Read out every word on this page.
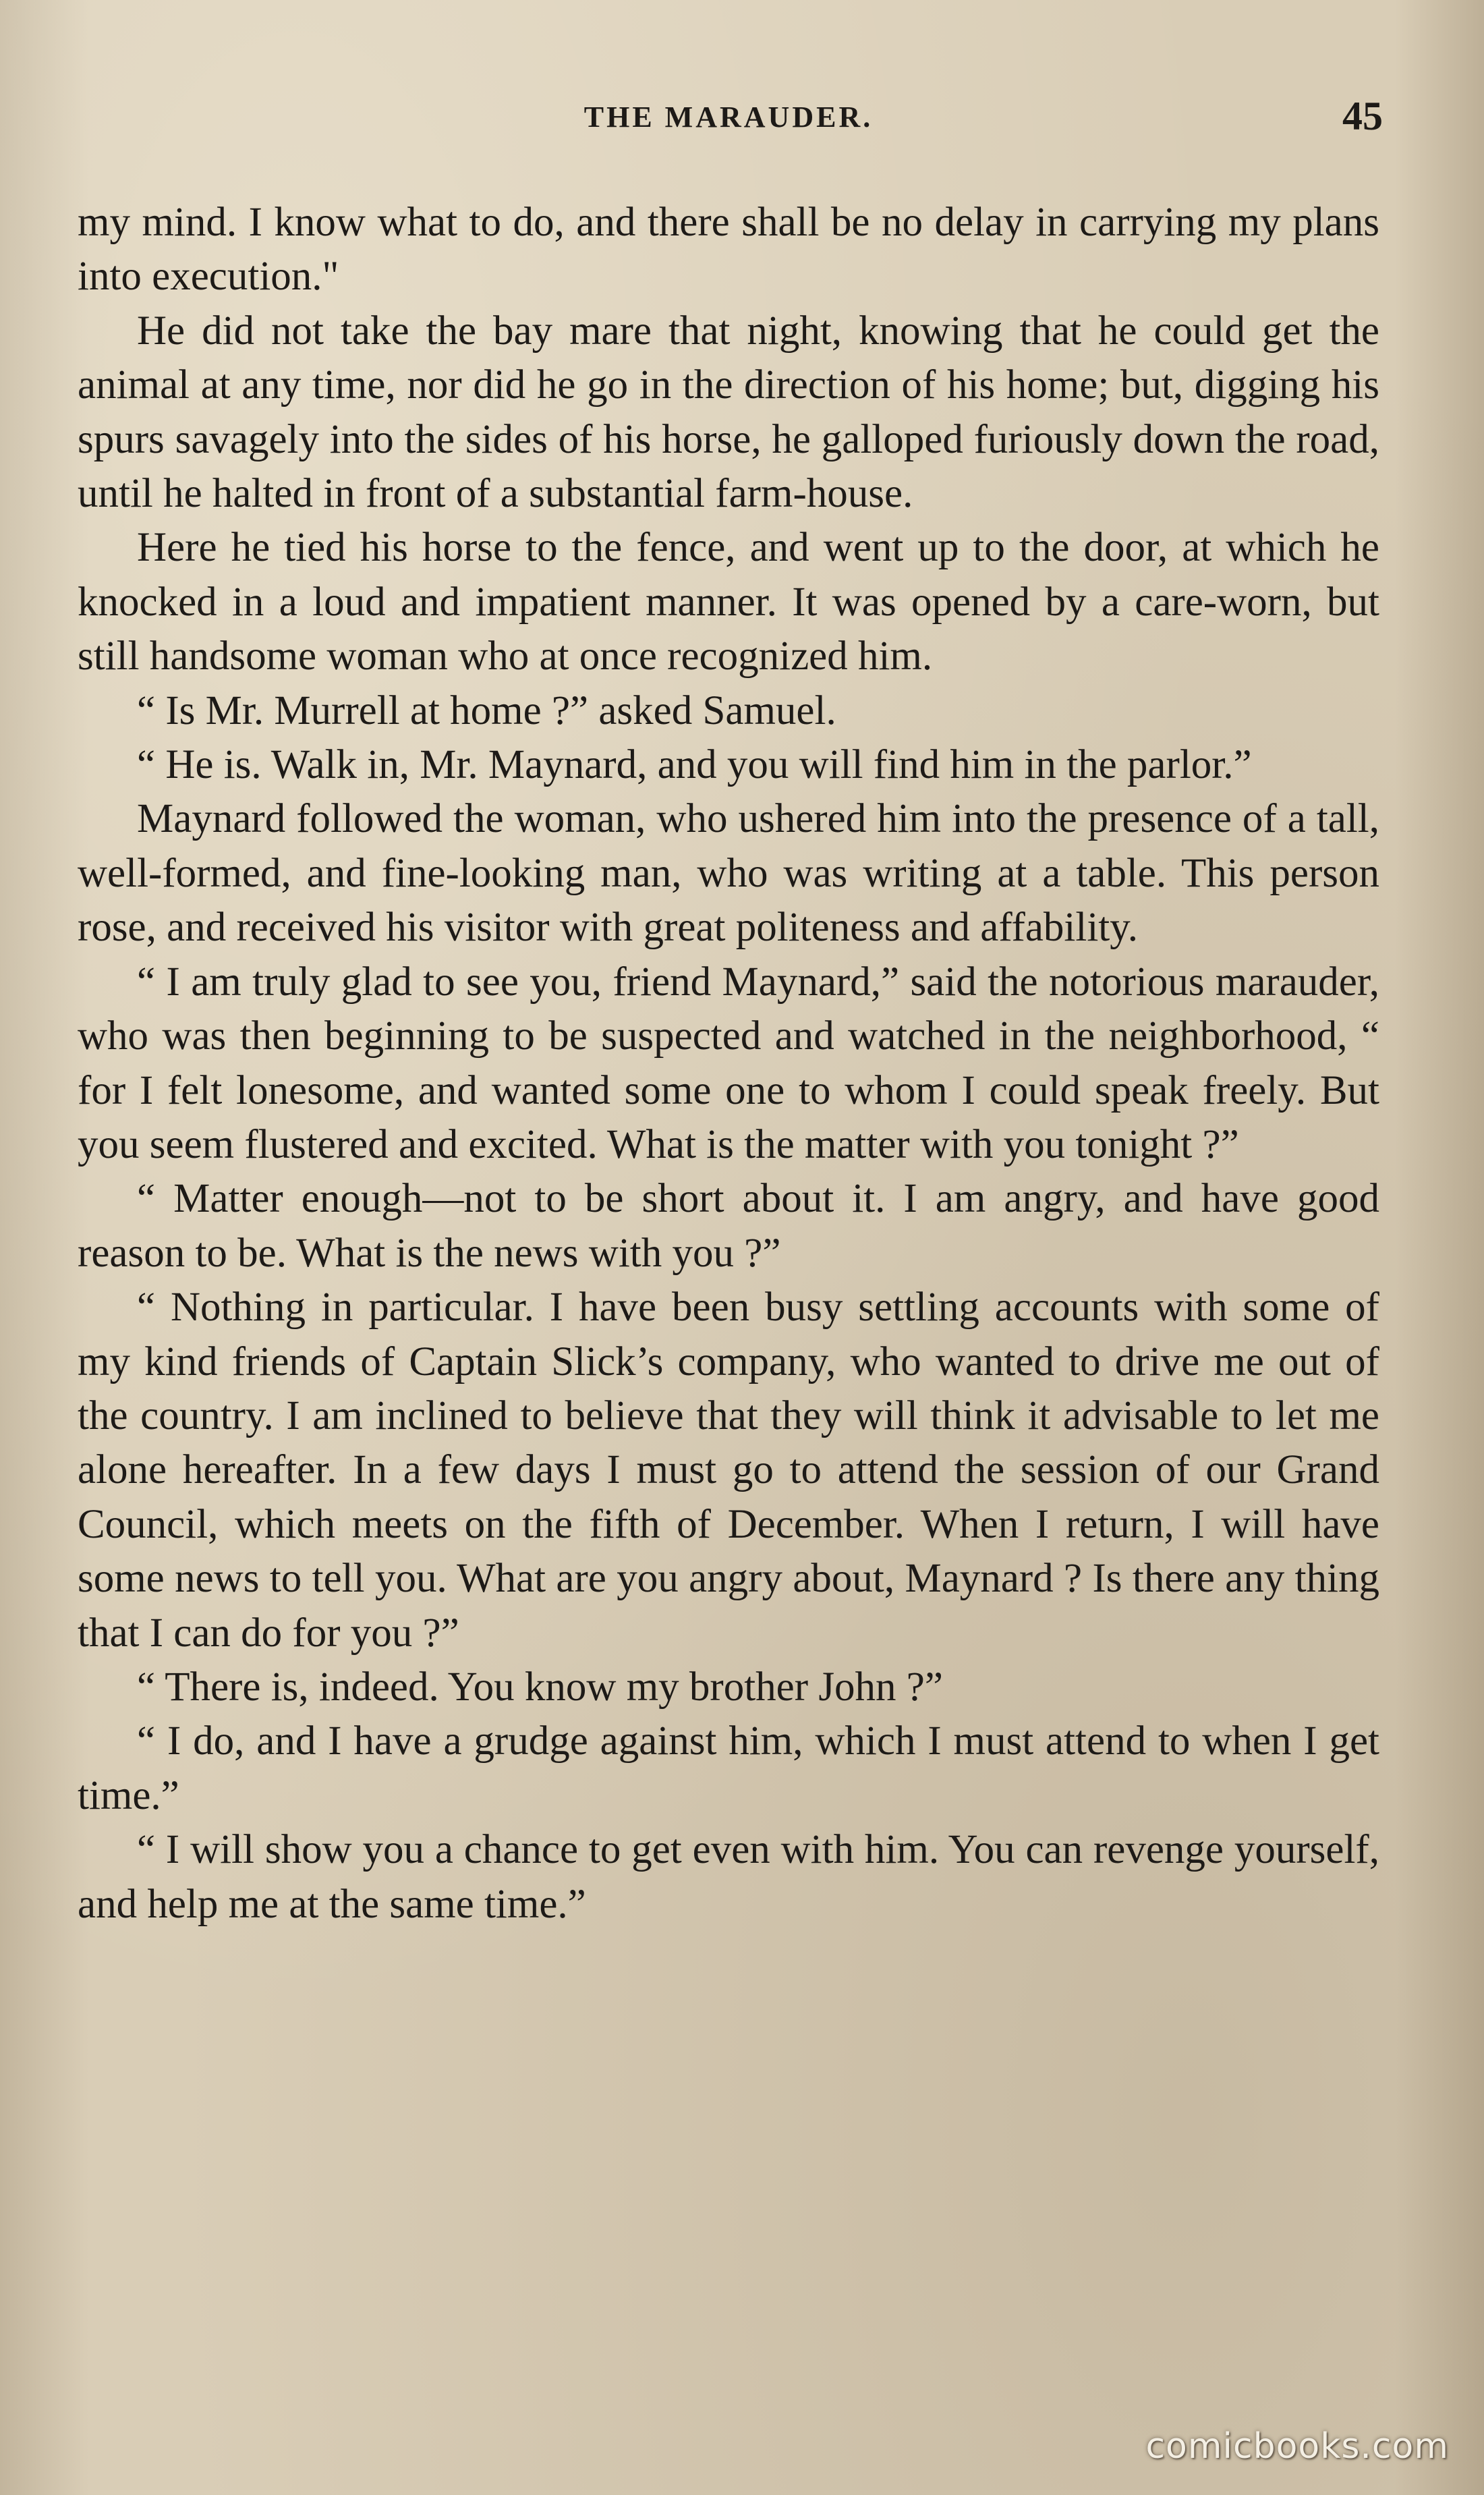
THE MARAUDER.	45

my mind. I know what to do, and there shall be no delay in carrying my plans into execution."

He did not take the bay mare that night, knowing that he could get the animal at any time, nor did he go in the direction of his home; but, digging his spurs savagely into the sides of his horse, he galloped furiously down the road, until he halted in front of a substantial farm-house.

Here he tied his horse to the fence, and went up to the door, at which he knocked in a loud and impatient manner. It was opened by a care-worn, but still handsome woman who at once recognized him.

“ Is Mr. Murrell at home ?” asked Samuel.

“ He is. Walk in, Mr. Maynard, and you will find him in the parlor.”

Maynard followed the woman, who ushered him into the presence of a tall, well-formed, and fine-looking man, who was writing at a table. This person rose, and received his visitor with great politeness and affability.

“ I am truly glad to see you, friend Maynard,” said the notorious marauder, who was then beginning to be suspected and watched in the neighborhood, “ for I felt lonesome, and wanted some one to whom I could speak freely. But you seem flustered and excited. What is the matter with you tonight ?”

“ Matter enough—not to be short about it. I am angry, and have good reason to be. What is the news with you ?”

“ Nothing in particular. I have been busy settling accounts with some of my kind friends of Captain Slick’s company, who wanted to drive me out of the country. I am inclined to believe that they will think it advisable to let me alone hereafter. In a few days I must go to attend the session of our Grand Council, which meets on the fifth of December. When I return, I will have some news to tell you. What are you angry about, Maynard ? Is there any thing that I can do for you ?”

“ There is, indeed. You know my brother John ?”

“ I do, and I have a grudge against him, which I must attend to when I get time.”

“ I will show you a chance to get even with him. You can revenge yourself, and help me at the same time.”

comicbooks.com
